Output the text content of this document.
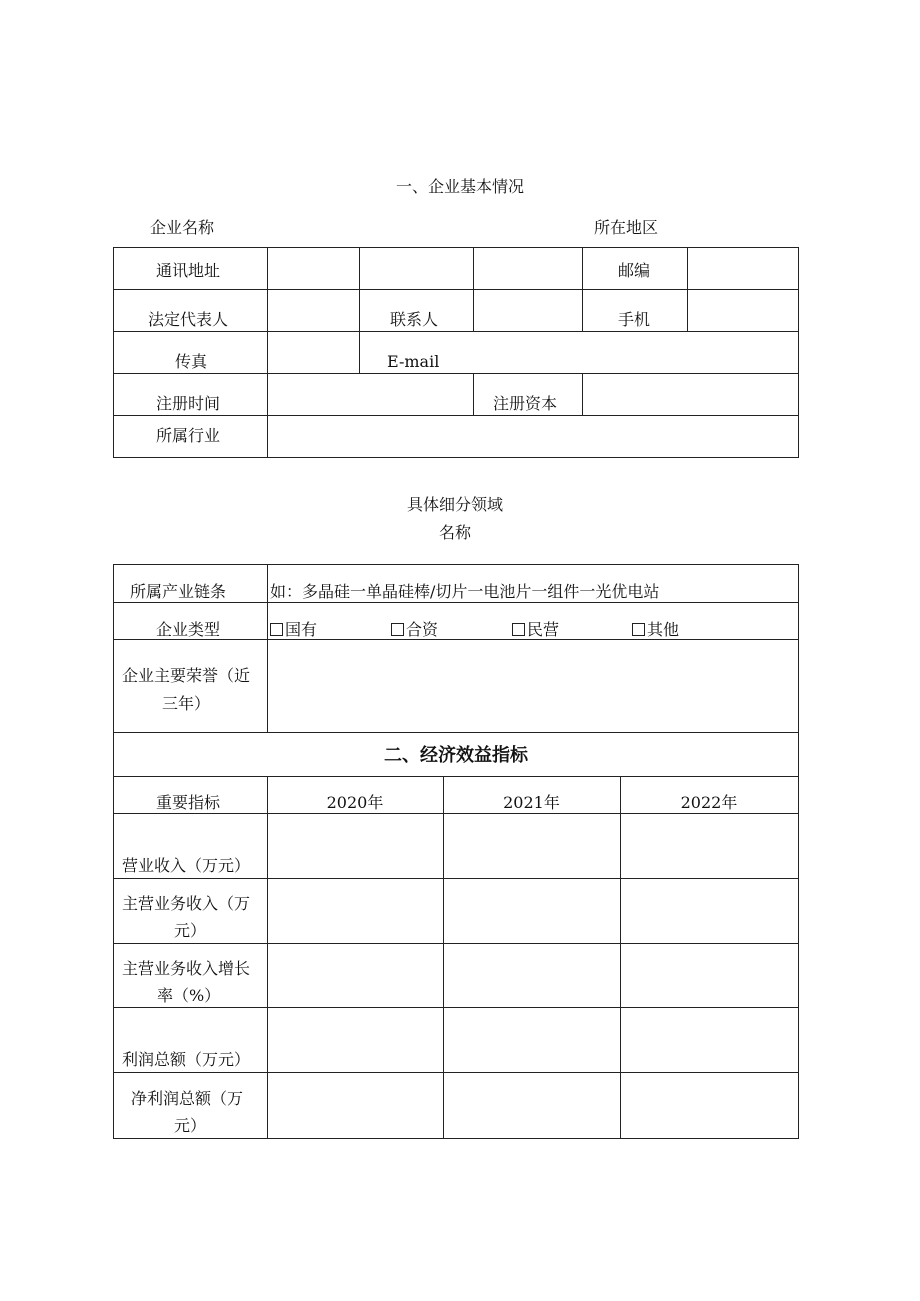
一、企业基本情况
企业名称	所在地区
通讯地址	邮编
法定代表人	联系人	手机
传真	E-mail
注册时间	注册资本
所属行业
具体细分领域
名称
所属产业链条	如：多晶硅一单晶硅棒/切片一电池片一组件一光优电站
企业类型	国有	合资	民营	其他
企业主要荣誉（近
三年）
二、经济效益指标
重要指标	2020年	2021年	2022年
营业收入（万元）
主营业务收入（万
元）
主营业务收入增长
率（%）
利润总额（万元）
净利润总额（万
元）
